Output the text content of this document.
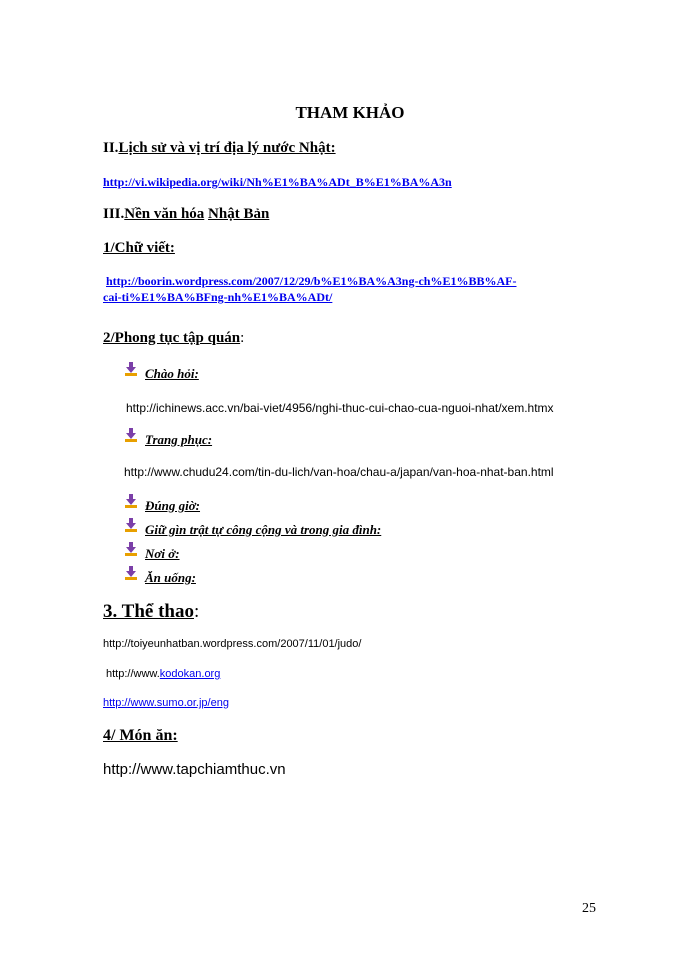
THAM KHẢO
II.Lịch sử và vị trí địa lý nước Nhật:
http://vi.wikipedia.org/wiki/Nh%E1%BA%ADt_B%E1%BA%A3n
III.Nền văn hóa Nhật Bản
1/Chữ viết:
http://boorin.wordpress.com/2007/12/29/b%E1%BA%A3ng-ch%E1%BB%AF-
cai-ti%E1%BA%BFng-nh%E1%BA%ADt/
2/Phong tục tập quán:
Chào hỏi:
http://ichinews.acc.vn/bai-viet/4956/nghi-thuc-cui-chao-cua-nguoi-nhat/xem.htmx
Trang phục:
http://www.chudu24.com/tin-du-lich/van-hoa/chau-a/japan/van-hoa-nhat-ban.html
Đúng giờ:
Giữ gìn trật tự công cộng và trong gia đình:
Nơi ở:
Ăn uống:
3. Thể thao:
http://toiyeunhatban.wordpress.com/2007/11/01/judo/
http://www.kodokan.org
http://www.sumo.or.jp/eng
4/ Món ăn:
http://www.tapchiamthuc.vn
25
